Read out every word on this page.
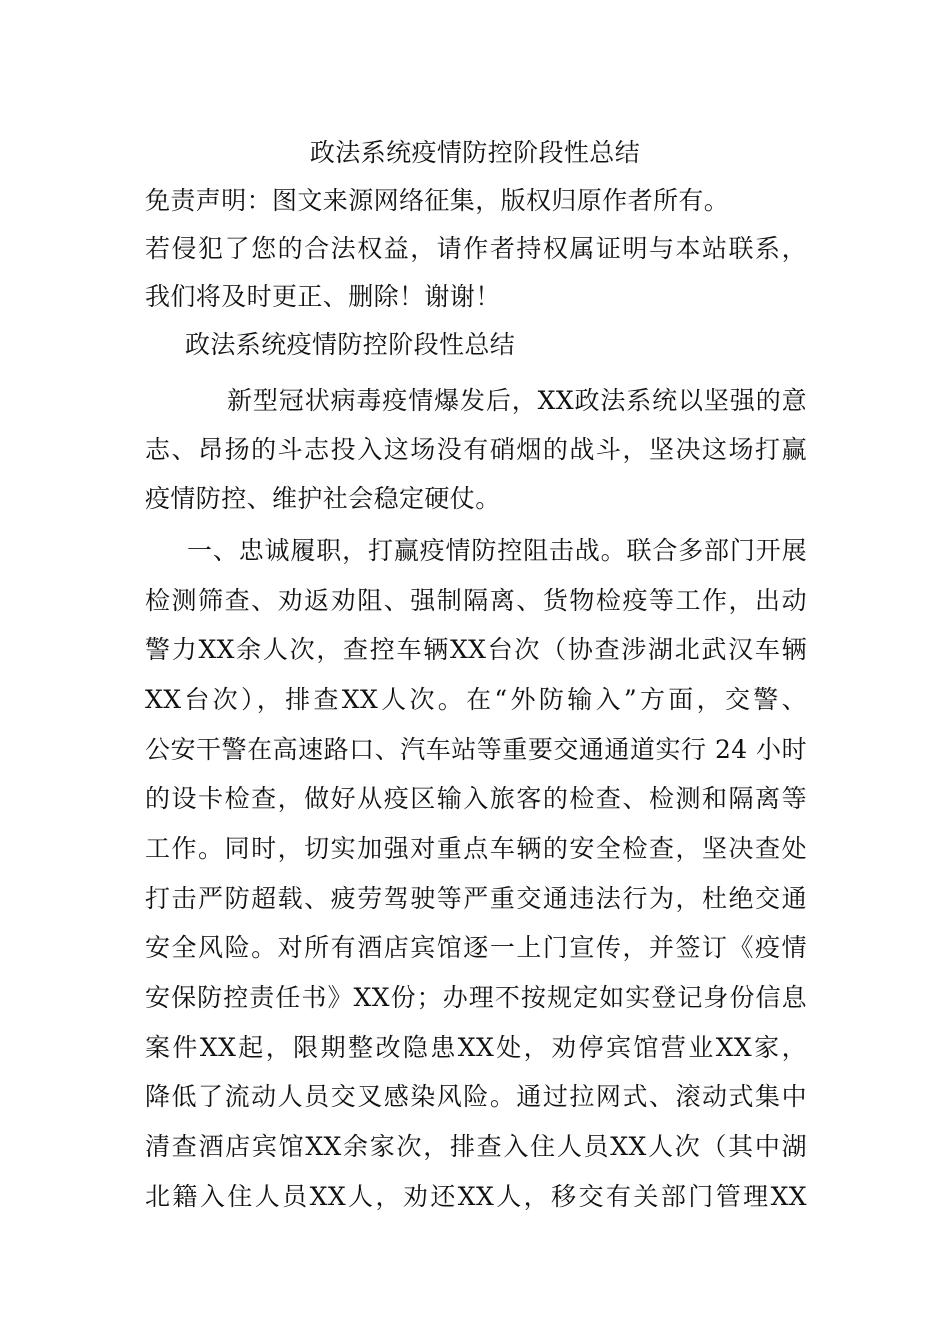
政法系统疫情防控阶段性总结
免责声明：图文来源网络征集，版权归原作者所有。
若侵犯了您的合法权益，请作者持权属证明与本站联系，
我们将及时更正、删除！谢谢！
政法系统疫情防控阶段性总结
新型冠状病毒疫情爆发后，XX政法系统以坚强的意
志、昂扬的斗志投入这场没有硝烟的战斗，坚决这场打赢
疫情防控、维护社会稳定硬仗。
一、忠诚履职，打赢疫情防控阻击战。联合多部门开展
检测筛查、劝返劝阻、强制隔离、货物检疫等工作，出动
警力XX余人次，查控车辆XX台次（协查涉湖北武汉车辆
XX台次），排查XX人次。在“外防输入”方面，交警、
公安干警在高速路口、汽车站等重要交通通道实行 24 小时
的设卡检查，做好从疫区输入旅客的检查、检测和隔离等
工作。同时，切实加强对重点车辆的安全检查，坚决查处
打击严防超载、疲劳驾驶等严重交通违法行为，杜绝交通
安全风险。对所有酒店宾馆逐一上门宣传，并签订《疫情
安保防控责任书》XX份；办理不按规定如实登记身份信息
案件XX起，限期整改隐患XX处，劝停宾馆营业XX家，
降低了流动人员交叉感染风险。通过拉网式、滚动式集中
清查酒店宾馆XX余家次，排查入住人员XX人次（其中湖
北籍入住人员XX人，劝还XX人，移交有关部门管理XX
